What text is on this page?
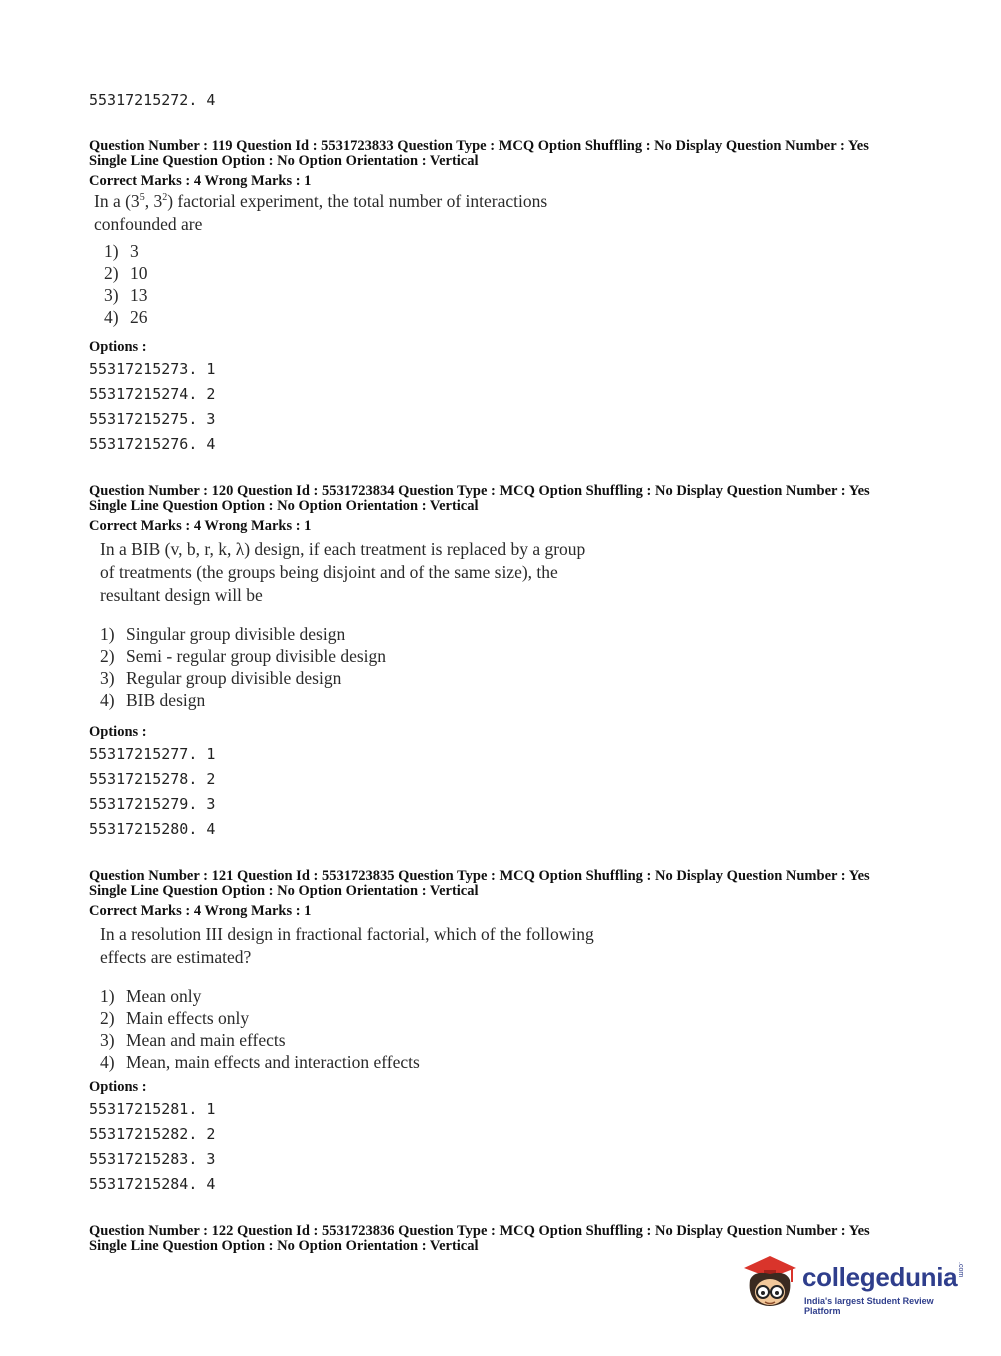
55317215272. 4
Question Number : 119 Question Id : 5531723833 Question Type : MCQ Option Shuffling : No Display Question Number : Yes
Single Line Question Option : No Option Orientation : Vertical
Correct Marks : 4 Wrong Marks : 1
In a ($3^5$, $3^2$) factorial experiment, the total number of interactions
confounded are
1) 3
2) 10
3) 13
4) 26
Options :
55317215273. 1
55317215274. 2
55317215275. 3
55317215276. 4
Question Number : 120 Question Id : 5531723834 Question Type : MCQ Option Shuffling : No Display Question Number : Yes
Single Line Question Option : No Option Orientation : Vertical
Correct Marks : 4 Wrong Marks : 1
In a BIB (v, b, r, k, λ) design, if each treatment is replaced by a group
of treatments (the groups being disjoint and of the same size), the
resultant design will be
1) Singular group divisible design
2) Semi - regular group divisible design
3) Regular group divisible design
4) BIB design
Options :
55317215277. 1
55317215278. 2
55317215279. 3
55317215280. 4
Question Number : 121 Question Id : 5531723835 Question Type : MCQ Option Shuffling : No Display Question Number : Yes
Single Line Question Option : No Option Orientation : Vertical
Correct Marks : 4 Wrong Marks : 1
In a resolution III design in fractional factorial, which of the following
effects are estimated?
1) Mean only
2) Main effects only
3) Mean and main effects
4) Mean, main effects and interaction effects
Options :
55317215281. 1
55317215282. 2
55317215283. 3
55317215284. 4
Question Number : 122 Question Id : 5531723836 Question Type : MCQ Option Shuffling : No Display Question Number : Yes
Single Line Question Option : No Option Orientation : Vertical
collegedunia .com
India's largest Student Review Platform
